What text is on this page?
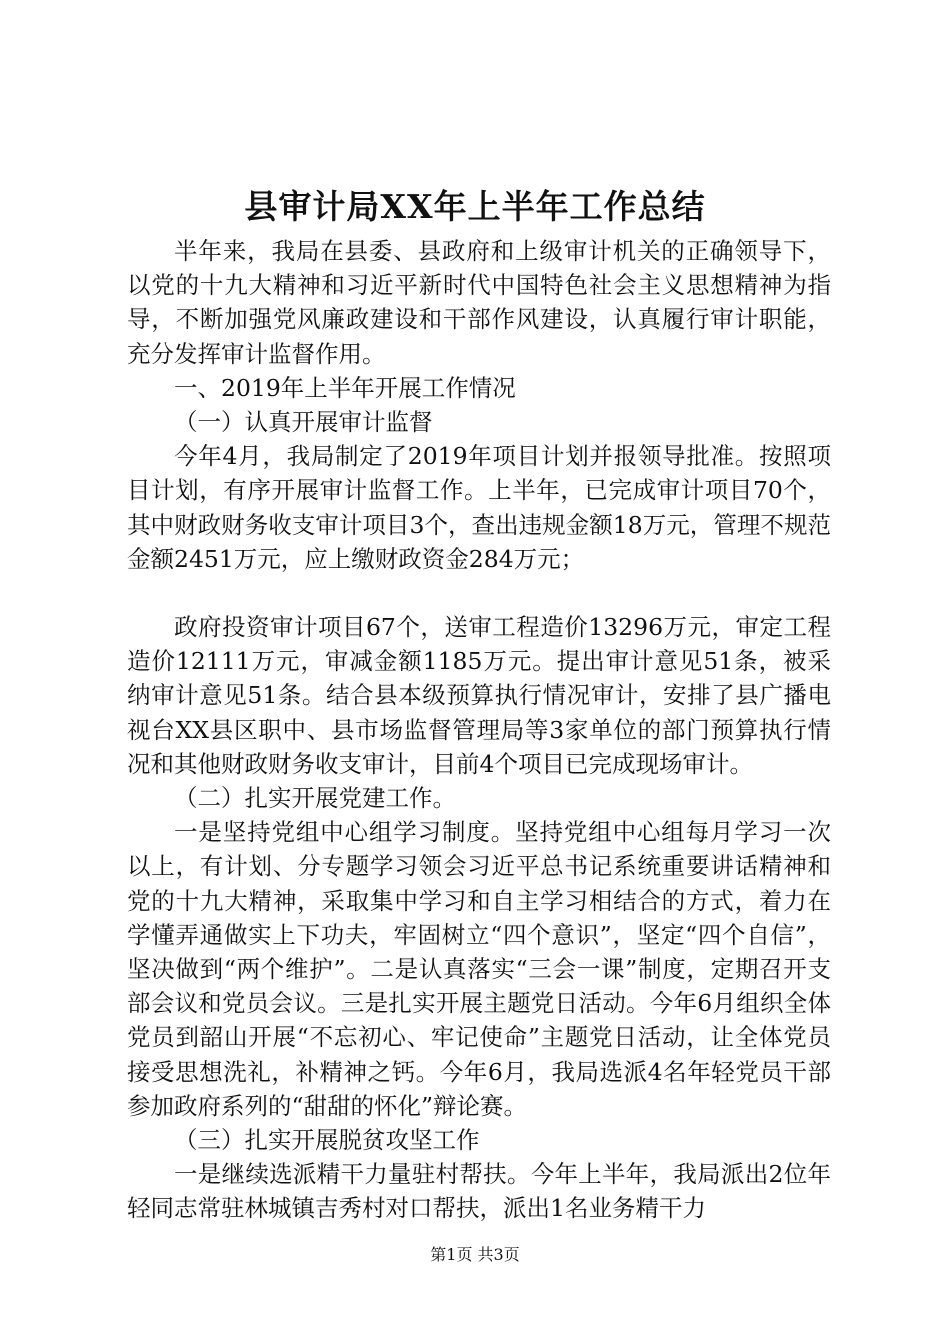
县审计局XX年上半年工作总结

半年来，我局在县委、县政府和上级审计机关的正确领导下，以党的十九大精神和习近平新时代中国特色社会主义思想精神为指导，不断加强党风廉政建设和干部作风建设，认真履行审计职能，充分发挥审计监督作用。

一、2019年上半年开展工作情况

（一）认真开展审计监督

今年4月，我局制定了2019年项目计划并报领导批准。按照项目计划，有序开展审计监督工作。上半年，已完成审计项目70个，其中财政财务收支审计项目3个，查出违规金额18万元，管理不规范金额2451万元，应上缴财政资金284万元；

政府投资审计项目67个，送审工程造价13296万元，审定工程造价12111万元，审减金额1185万元。提出审计意见51条，被采纳审计意见51条。结合县本级预算执行情况审计，安排了县广播电视台XX县区职中、县市场监督管理局等3家单位的部门预算执行情况和其他财政财务收支审计，目前4个项目已完成现场审计。

（二）扎实开展党建工作。

一是坚持党组中心组学习制度。坚持党组中心组每月学习一次以上，有计划、分专题学习领会习近平总书记系统重要讲话精神和党的十九大精神，采取集中学习和自主学习相结合的方式，着力在学懂弄通做实上下功夫，牢固树立“四个意识”，坚定“四个自信”，坚决做到“两个维护”。二是认真落实“三会一课”制度，定期召开支部会议和党员会议。三是扎实开展主题党日活动。今年6月组织全体党员到韶山开展“不忘初心、牢记使命”主题党日活动，让全体党员接受思想洗礼，补精神之钙。今年6月，我局选派4名年轻党员干部参加政府系列的“甜甜的怀化”辩论赛。

（三）扎实开展脱贫攻坚工作

一是继续选派精干力量驻村帮扶。今年上半年，我局派出2位年轻同志常驻林城镇吉秀村对口帮扶，派出1名业务精干力

第1页 共3页
